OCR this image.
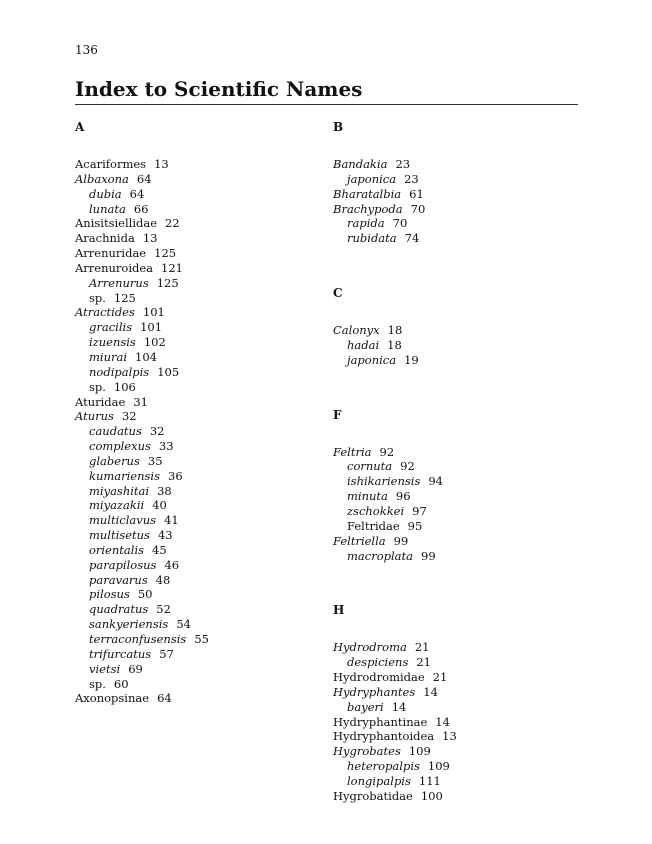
136
Index to Scientific Names
A
Acariformes 13
Albaxona 64
dubia 64
lunata 66
Anisitsiellidae 22
Arachnida 13
Arrenuridae 125
Arrenuroidea 121
Arrenurus 125
sp. 125
Atractides 101
gracilis 101
izuensis 102
miurai 104
nodipalpis 105
sp. 106
Aturidae 31
Aturus 32
caudatus 32
complexus 33
glaberus 35
kumariensis 36
miyashitai 38
miyazakii 40
multiclavus 41
multisetus 43
orientalis 45
parapilosus 46
paravarus 48
pilosus 50
quadratus 52
sankyeriensis 54
terraconfusensis 55
trifurcatus 57
vietsi 69
sp. 60
Axonopsinae 64
B
Bandakia 23
japonica 23
Bharatalbia 61
Brachypoda 70
rapida 70
rubidata 74
C
Calonyx 18
hadai 18
japonica 19
F
Feltria 92
cornuta 92
ishikariensis 94
minuta 96
zschokkei 97
Feltridae 95
Feltriella 99
macroplata 99
H
Hydrodroma 21
despiciens 21
Hydrodromidae 21
Hydryphantes 14
bayeri 14
Hydryphantinae 14
Hydryphantoidea 13
Hygrobates 109
heteropalpis 109
longipalpis 111
Hygrobatidae 100
